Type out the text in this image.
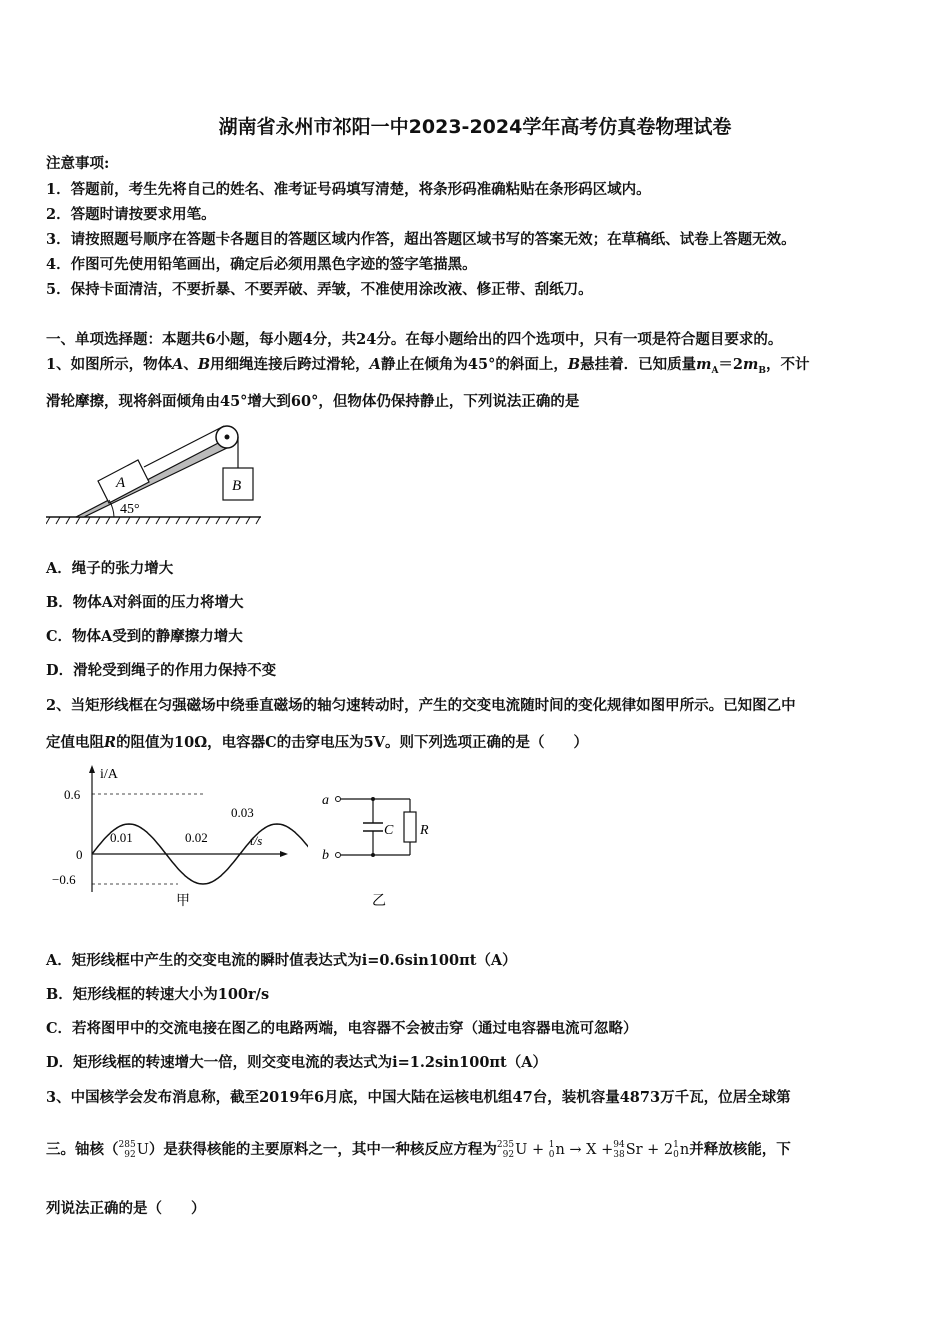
湖南省永州市祁阳一中2023-2024学年高考仿真卷物理试卷
注意事项:
1．答题前，考生先将自己的姓名、准考证号码填写清楚，将条形码准确粘贴在条形码区域内。
2．答题时请按要求用笔。
3．请按照题号顺序在答题卡各题目的答题区域内作答，超出答题区域书写的答案无效；在草稿纸、试卷上答题无效。
4．作图可先使用铅笔画出，确定后必须用黑色字迹的签字笔描黑。
5．保持卡面清洁，不要折暴、不要弄破、弄皱，不准使用涂改液、修正带、刮纸刀。
一、单项选择题：本题共6小题，每小题4分，共24分。在每小题给出的四个选项中，只有一项是符合题目要求的。
1、如图所示，物体A、B用细绳连接后跨过滑轮，A静止在倾角为45°的斜面上，B悬挂着．已知质量$m_A=2m_B$，不计
滑轮摩擦，现将斜面倾角由45°增大到60°，但物体仍保持静止，下列说法正确的是
A	B
45°
A．绳子的张力增大
B．物体A对斜面的压力将增大
C．物体A受到的静摩擦力增大
D．滑轮受到绳子的作用力保持不变
2、当矩形线框在匀强磁场中绕垂直磁场的轴匀速转动时，产生的交变电流随时间的变化规律如图甲所示。已知图乙中
定值电阻R的阻值为10Ω，电容器C的击穿电压为5V。则下列选项正确的是（　　）
i/A
t/s
0.6
0
−0.6
0.01	0.02
0.03
甲
a
b
C R
乙
A．矩形线框中产生的交变电流的瞬时值表达式为i=0.6sin100πt（A）
B．矩形线框的转速大小为100r/s
C．若将图甲中的交流电接在图乙的电路两端，电容器不会被击穿（通过电容器电流可忽略）
D．矩形线框的转速增大一倍，则交变电流的表达式为i=1.2sin100πt（A）
3、中国核学会发布消息称，截至2019年6月底，中国大陆在运核电机组47台，装机容量4873万千瓦，位居全球第
三。铀核（285
92U）是获得核能的主要原料之一，其中一种核反应方程为235
92U + 1
0n → X +94
38Sr + 21
0n并释放核能，下
列说法正确的是（　　）
